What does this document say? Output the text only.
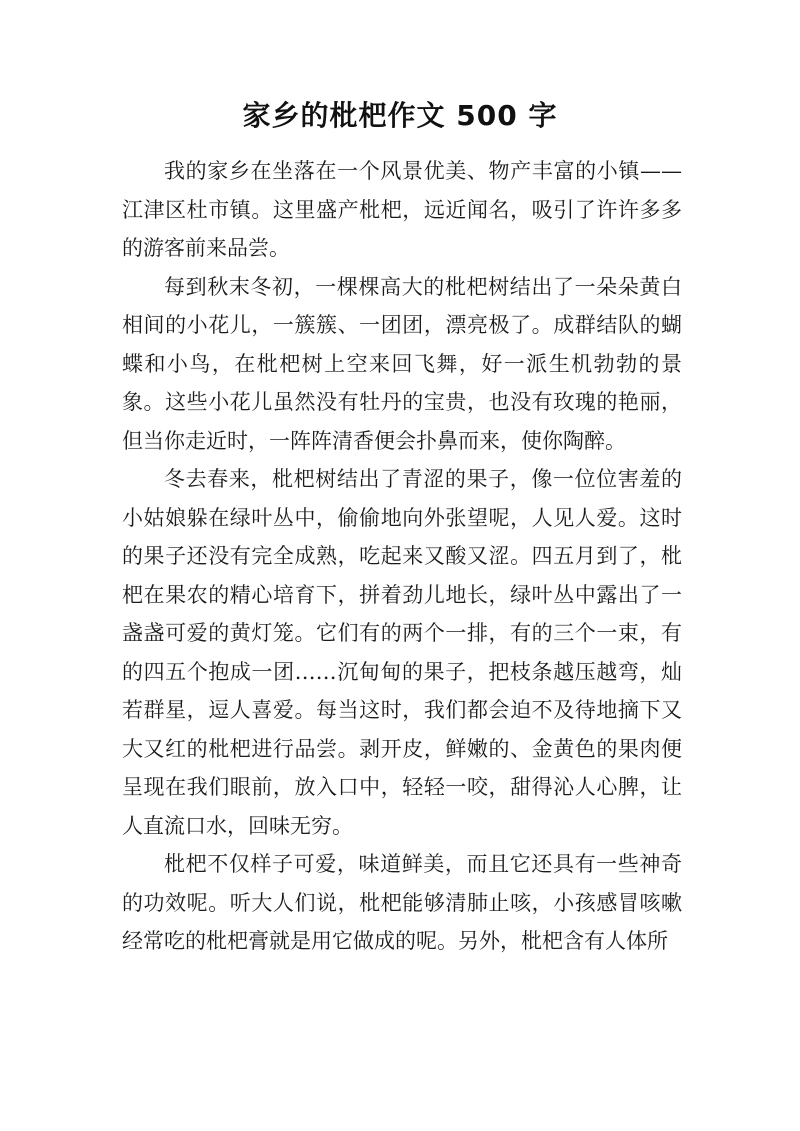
家乡的枇杷作文 500 字

我的家乡在坐落在一个风景优美、物产丰富的小镇——江津区杜市镇。这里盛产枇杷，远近闻名，吸引了许许多多的游客前来品尝。

每到秋末冬初，一棵棵高大的枇杷树结出了一朵朵黄白相间的小花儿，一簇簇、一团团，漂亮极了。成群结队的蝴蝶和小鸟，在枇杷树上空来回飞舞，好一派生机勃勃的景象。这些小花儿虽然没有牡丹的宝贵，也没有玫瑰的艳丽，但当你走近时，一阵阵清香便会扑鼻而来，使你陶醉。

冬去春来，枇杷树结出了青涩的果子，像一位位害羞的小姑娘躲在绿叶丛中，偷偷地向外张望呢，人见人爱。这时的果子还没有完全成熟，吃起来又酸又涩。四五月到了，枇杷在果农的精心培育下，拼着劲儿地长，绿叶丛中露出了一盏盏可爱的黄灯笼。它们有的两个一排，有的三个一束，有的四五个抱成一团……沉甸甸的果子，把枝条越压越弯，灿若群星，逗人喜爱。每当这时，我们都会迫不及待地摘下又大又红的枇杷进行品尝。剥开皮，鲜嫩的、金黄色的果肉便呈现在我们眼前，放入口中，轻轻一咬，甜得沁人心脾，让人直流口水，回味无穷。

枇杷不仅样子可爱，味道鲜美，而且它还具有一些神奇的功效呢。听大人们说，枇杷能够清肺止咳，小孩感冒咳嗽经常吃的枇杷膏就是用它做成的呢。另外，枇杷含有人体所
